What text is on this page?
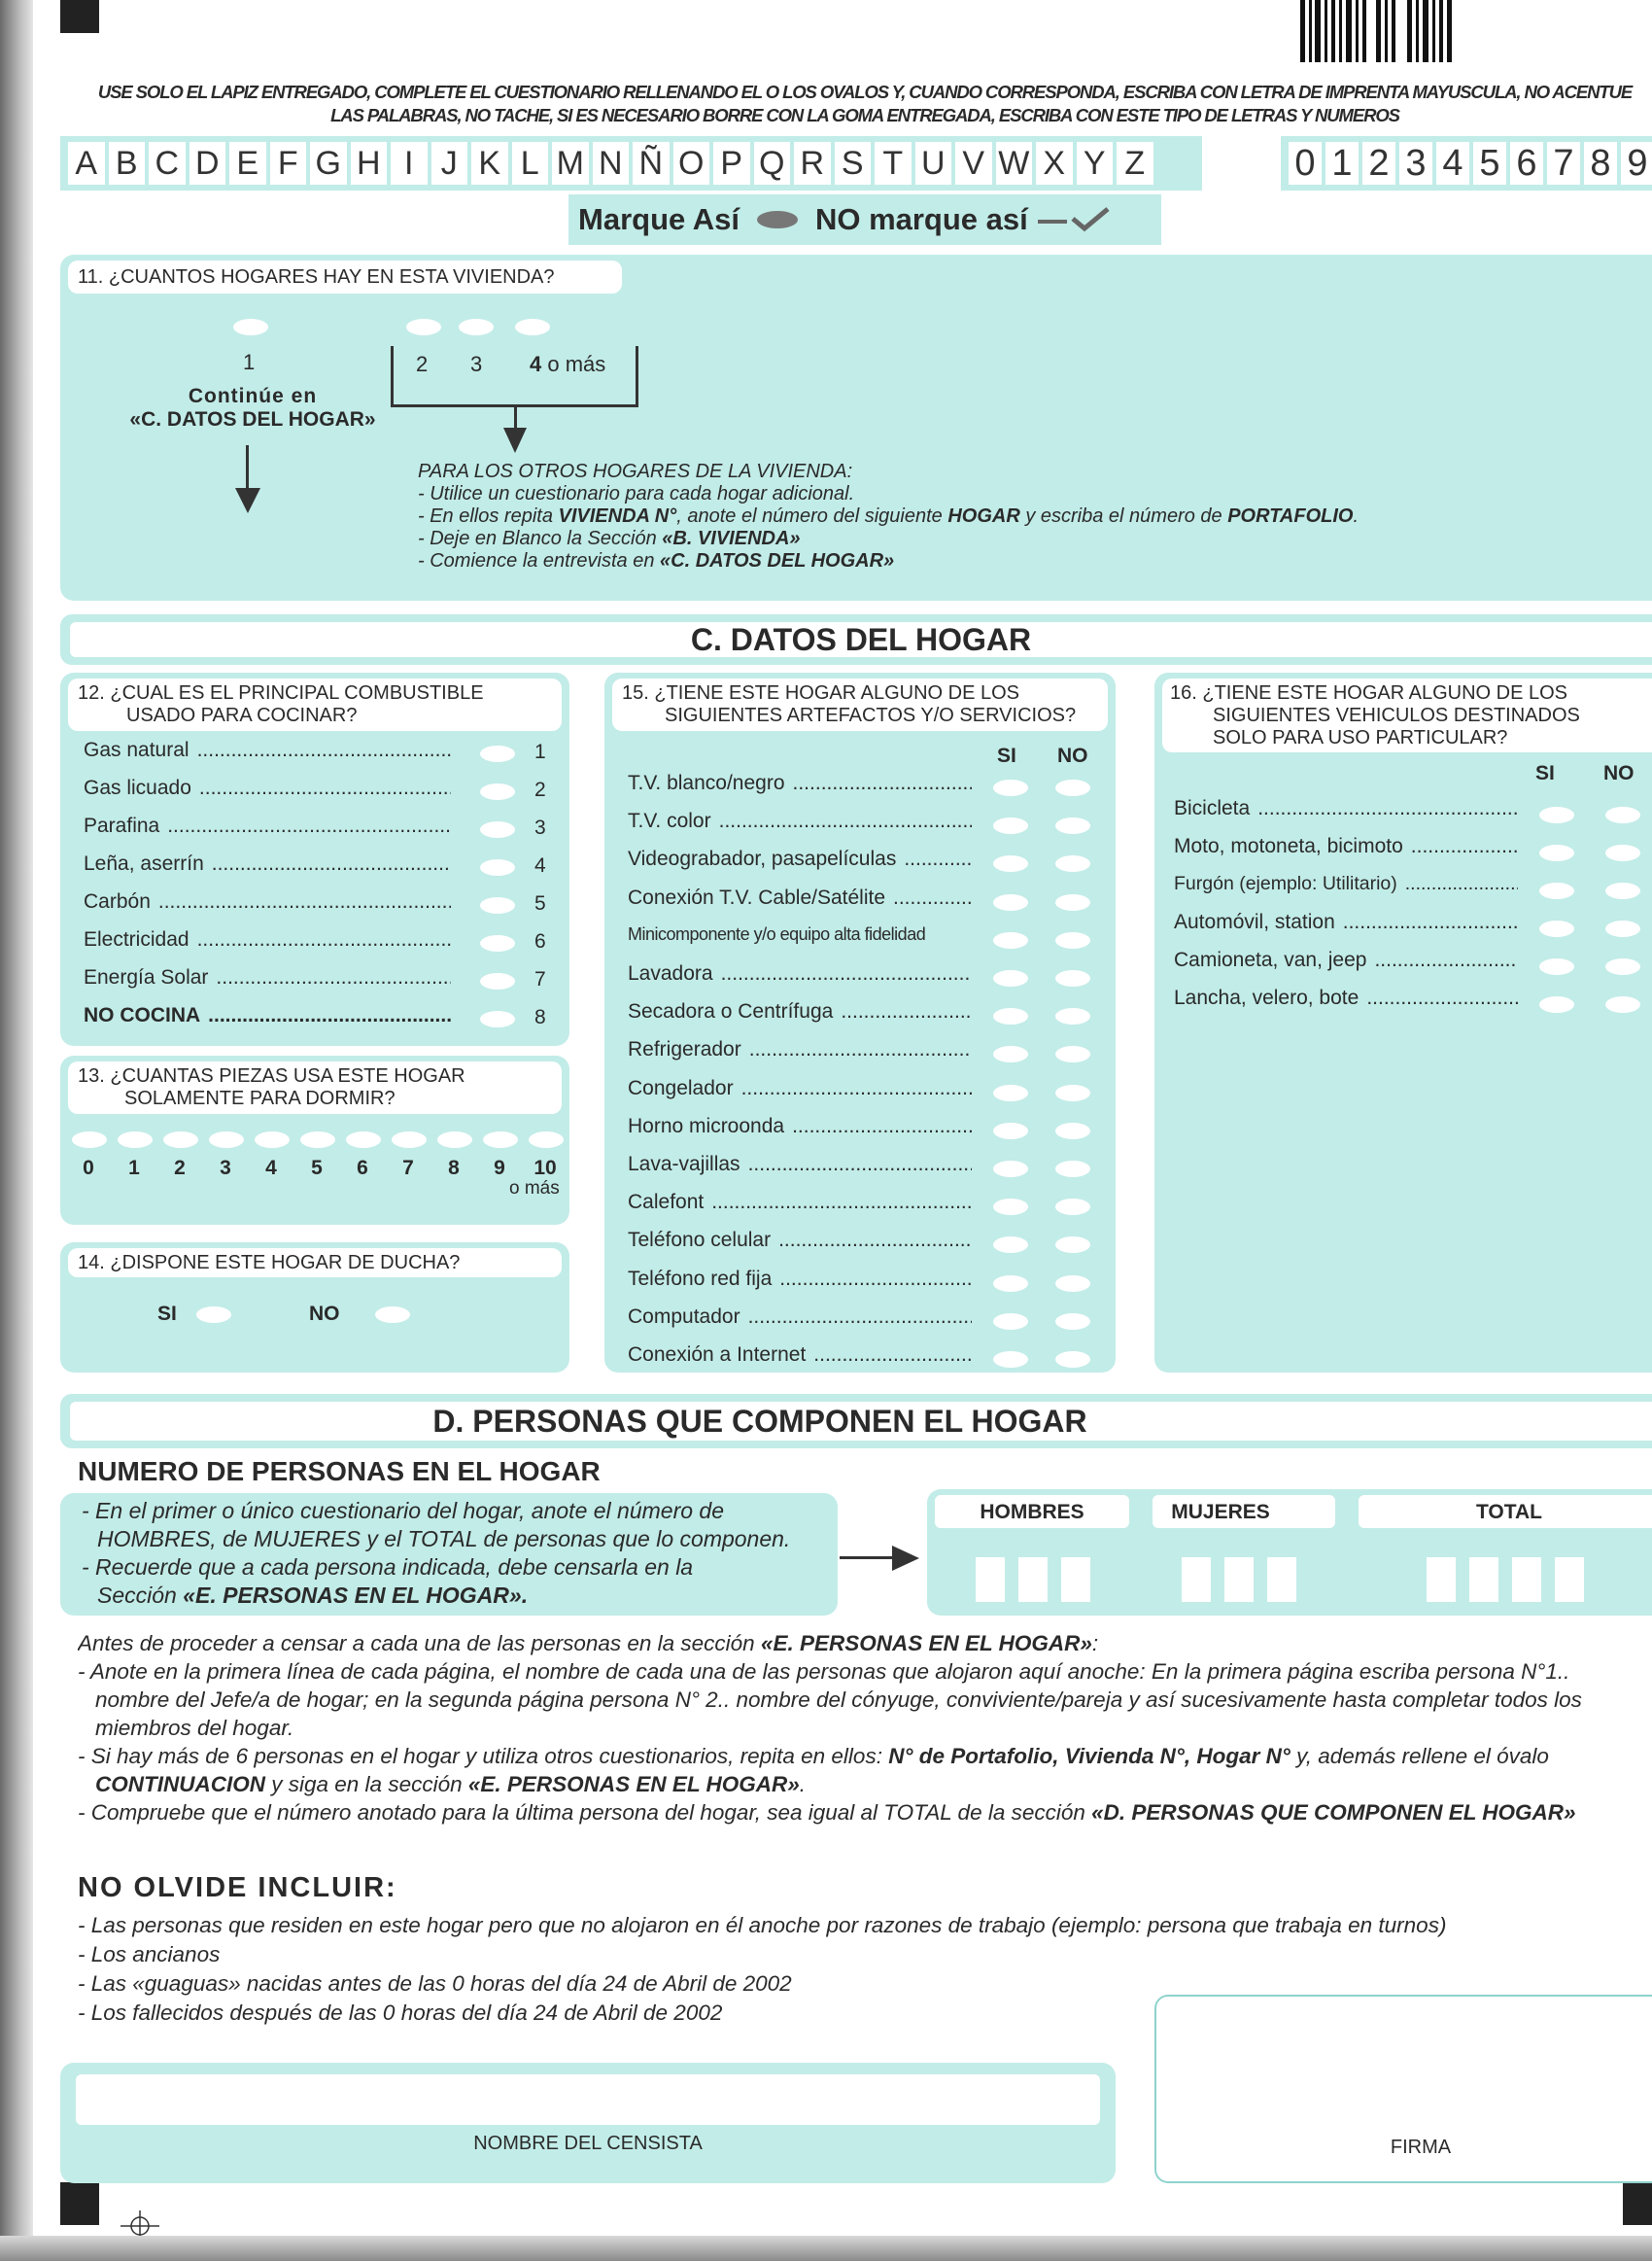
USE SOLO EL LAPIZ ENTREGADO, COMPLETE EL CUESTIONARIO RELLENANDO EL O LOS OVALOS Y, CUANDO CORRESPONDA, ESCRIBA CON LETRA DE IMPRENTA MAYUSCULA, NO ACENTUE
LAS PALABRAS, NO TACHE, SI ES NECESARIO BORRE CON LA GOMA ENTREGADA, ESCRIBA CON ESTE TIPO DE LETRAS Y NUMEROS
A B C D E F G H I J K L M N Ñ O P Q R S T U V W X Y Z	0 1 2 3 4 5 6 7 8 9
Marque Así	NO marque así
11. ¿CUANTOS HOGARES HAY EN ESTA VIVIENDA?
1
Continúe en
«C. DATOS DEL HOGAR»
2 3 4 o más
PARA LOS OTROS HOGARES DE LA VIVIENDA:
- Utilice un cuestionario para cada hogar adicional.
- En ellos repita VIVIENDA N°, anote el número del siguiente HOGAR y escriba el número de PORTAFOLIO.
- Deje en Blanco la Sección «B. VIVIENDA»
- Comience la entrevista en «C. DATOS DEL HOGAR»
C. DATOS DEL HOGAR
12. ¿CUAL ES EL PRINCIPAL COMBUSTIBLE
USADO PARA COCINAR?
Gas natural .....	1
Gas licuado .....	2
Parafina .....	3
Leña, aserrín .....	4
Carbón .....	5
Electricidad .....	6
Energía Solar .....	7
NO COCINA .....	8
13. ¿CUANTAS PIEZAS USA ESTE HOGAR
SOLAMENTE PARA DORMIR?
0	1	2	3	4	5	6	7	8	9	10
o más
14. ¿DISPONE ESTE HOGAR DE DUCHA?
SI	NO
15. ¿TIENE ESTE HOGAR ALGUNO DE LOS
SIGUIENTES ARTEFACTOS Y/O SERVICIOS?
SI NO
T.V. blanco/negro
.....
T.V. color
.....
Videograbador, pasapelículas
.....
Conexión T.V. Cable/Satélite
.....
Minicomponente y/o equipo alta fidelidad
Lavadora
.....
Secadora o Centrífuga
.....
Refrigerador
.....
Congelador
.....
Horno microonda
.....
Lava-vajillas
.....
Calefont
.....
Teléfono celular
.....
Teléfono red fija
.....
Computador
.....
Conexión a Internet
.....
16. ¿TIENE ESTE HOGAR ALGUNO DE LOS
SIGUIENTES VEHICULOS DESTINADOS
SOLO PARA USO PARTICULAR?
SI NO
Bicicleta
.....
Moto, motoneta, bicimoto
.....
Furgón (ejemplo: Utilitario)
.....
Automóvil, station
.....
Camioneta, van, jeep
.....
Lancha, velero, bote
.....
D. PERSONAS QUE COMPONEN EL HOGAR
NUMERO DE PERSONAS EN EL HOGAR
- En el primer o único cuestionario del hogar, anote el número de
HOMBRES, de MUJERES y el TOTAL de personas que lo componen.
- Recuerde que a cada persona indicada, debe censarla en la
Sección «E. PERSONAS EN EL HOGAR».
HOMBRES	MUJERES	TOTAL
Antes de proceder a censar a cada una de las personas en la sección «E. PERSONAS EN EL HOGAR»:
- Anote en la primera línea de cada página, el nombre de cada una de las personas que alojaron aquí anoche: En la primera página escriba persona N°1..
nombre del Jefe/a de hogar; en la segunda página persona N° 2.. nombre del cónyuge, conviviente/pareja y así sucesivamente hasta completar todos los
miembros del hogar.
- Si hay más de 6 personas en el hogar y utiliza otros cuestionarios, repita en ellos: N° de Portafolio, Vivienda N°, Hogar N° y, además rellene el óvalo
CONTINUACION y siga en la sección «E. PERSONAS EN EL HOGAR».
- Compruebe que el número anotado para la última persona del hogar, sea igual al TOTAL de la sección «D. PERSONAS QUE COMPONEN EL HOGAR»
NO OLVIDE INCLUIR:
- Las personas que residen en este hogar pero que no alojaron en él anoche por razones de trabajo (ejemplo: persona que trabaja en turnos)
- Los ancianos
- Las «guaguas» nacidas antes de las 0 horas del día 24 de Abril de 2002
- Los fallecidos después de las 0 horas del día 24 de Abril de 2002
NOMBRE DEL CENSISTA	FIRMA
